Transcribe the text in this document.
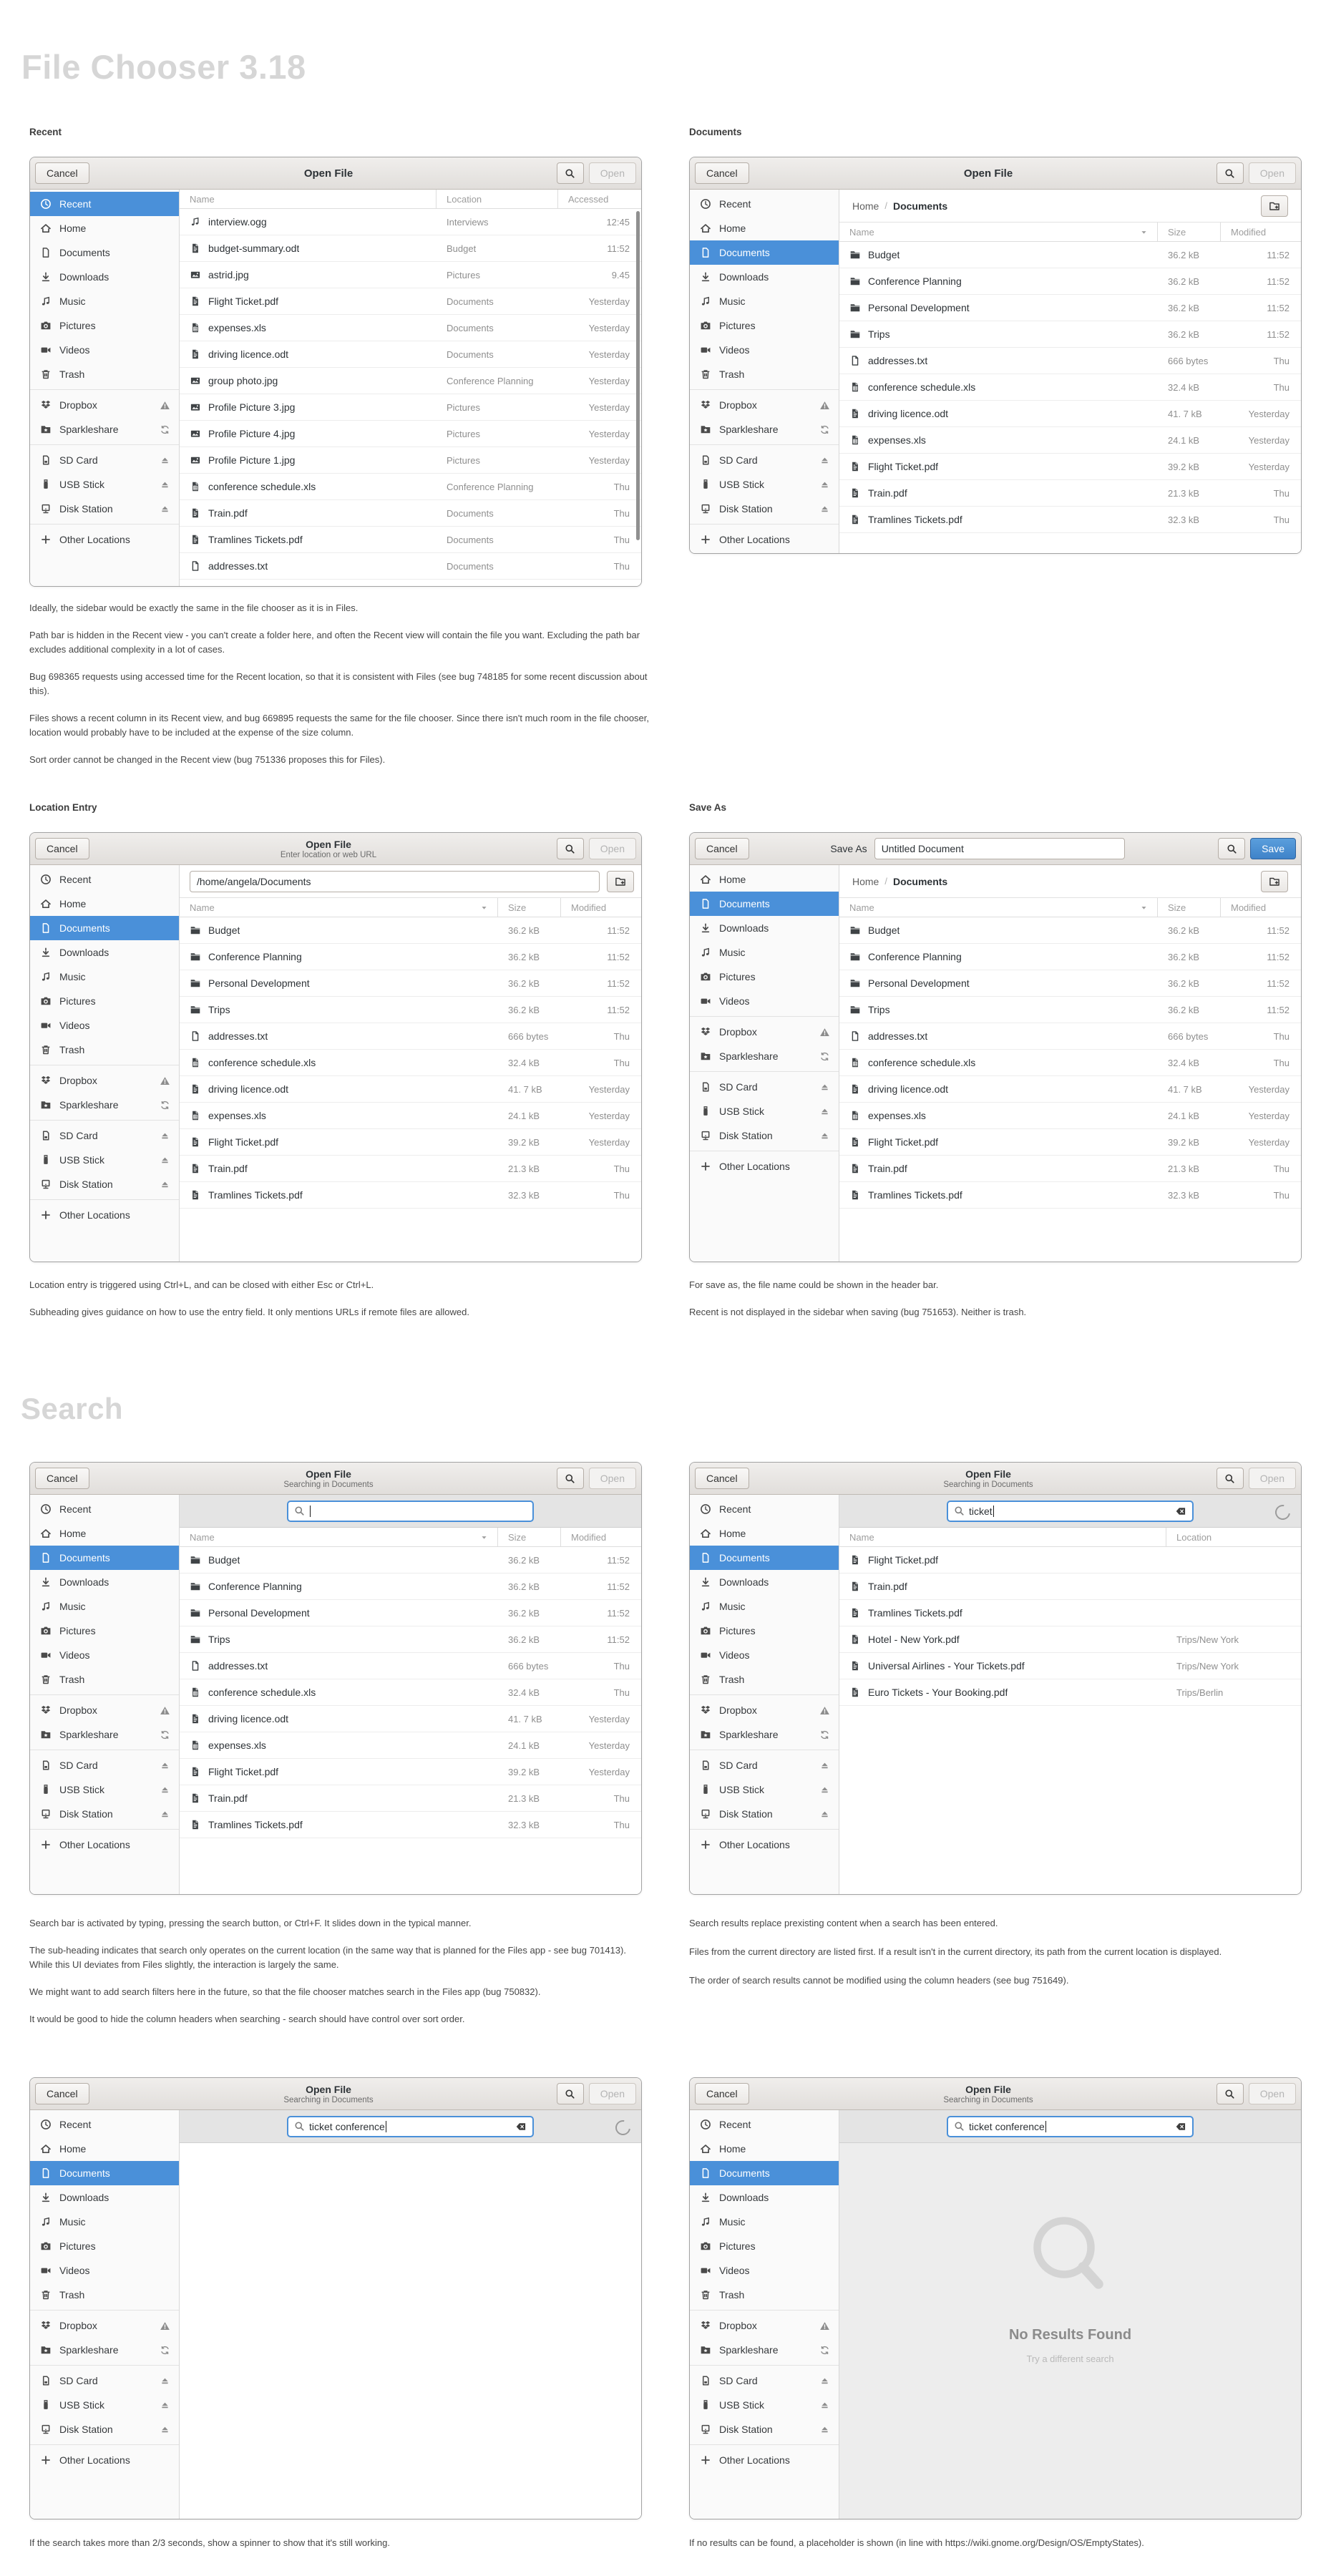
File Chooser 3.18
Recent	Documents
Location Entry	Save As
Search

Ideally, the sidebar would be exactly the same in the file chooser as it is in Files.

Path bar is hidden in the Recent view - you can't create a folder here, and often the Recent view will contain the file you want. Excluding the path bar excludes additional complexity in a lot of cases.

Bug 698365 requests using accessed time for the Recent location, so that it is consistent with Files (see bug 748185 for some recent discussion about this).

Files shows a recent column in its Recent view, and bug 669895 requests the same for the file chooser. Since there isn't much room in the file chooser, location would probably have to be included at the expense of the size column.

Sort order cannot be changed in the Recent view (bug 751336 proposes this for Files).

Location entry is triggered using Ctrl+L, and can be closed with either Esc or Ctrl+L.

Subheading gives guidance on how to use the entry field. It only mentions URLs if remote files are allowed.

For save as, the file name could be shown in the header bar.

Recent is not displayed in the sidebar when saving (bug 751653). Neither is trash.

Search bar is activated by typing, pressing the search button, or Ctrl+F. It slides down in the typical manner.

The sub-heading indicates that search only operates on the current location (in the same way that is planned for the Files app - see bug 701413). While this UI deviates from Files slightly, the interaction is largely the same.

We might want to add search filters here in the future, so that the file chooser matches search in the Files app (bug 750832).

It would be good to hide the column headers when searching - search should have control over sort order.

Search results replace prexisting content when a search has been entered.

Files from the current directory are listed first. If a result isn't in the current directory, its path from the current location is displayed.

The order of search results cannot be modified using the column headers (see bug 751649).

If the search takes more than 2/3 seconds, show a spinner to show that it's still working.	If no results can be found, a placeholder is shown (in line with https://wiki.gnome.org/Design/OS/EmptyStates).

Cancel	Open File	Open
Recent
Home
Documents
Downloads
Music
Pictures
Videos
Trash
Dropbox
Sparkleshare
SD Card
USB Stick
Disk Station
Other Locations
Name	Location	Accessed
interview.ogg	Interviews	12:45
budget-summary.odt	Budget	11:52
astrid.jpg	Pictures	9.45
Flight Ticket.pdf	Documents	Yesterday
expenses.xls	Documents	Yesterday
driving licence.odt	Documents	Yesterday
group photo.jpg	Conference Planning	Yesterday
Profile Picture 3.jpg	Pictures	Yesterday
Profile Picture 4.jpg	Pictures	Yesterday
Profile Picture 1.jpg	Pictures	Yesterday
conference schedule.xls	Conference Planning	Thu
Train.pdf	Documents	Thu
Tramlines Tickets.pdf	Documents	Thu
addresses.txt	Documents	Thu
Cancel	Open File	Open
Recent
Home
Documents
Downloads
Music
Pictures
Videos
Trash
Dropbox
Sparkleshare
SD Card
USB Stick
Disk Station
Other Locations
Home / Documents
Name	Size	Modified
Budget	36.2 kB	11:52
Conference Planning	36.2 kB	11:52
Personal Development	36.2 kB	11:52
Trips	36.2 kB	11:52
addresses.txt	666 bytes	Thu
conference schedule.xls	32.4 kB	Thu
driving licence.odt	41. 7 kB	Yesterday
expenses.xls	24.1 kB	Yesterday
Flight Ticket.pdf	39.2 kB	Yesterday
Train.pdf	21.3 kB	Thu
Tramlines Tickets.pdf	32.3 kB	Thu
Cancel	Open File
Enter location or web URL
Open
Recent
Home
Documents
Downloads
Music
Pictures
Videos
Trash
Dropbox
Sparkleshare
SD Card
USB Stick
Disk Station
Other Locations
/home/angela/Documents
Name	Size	Modified
Budget	36.2 kB	11:52
Conference Planning	36.2 kB	11:52
Personal Development	36.2 kB	11:52
Trips	36.2 kB	11:52
addresses.txt	666 bytes	Thu
conference schedule.xls	32.4 kB	Thu
driving licence.odt	41. 7 kB	Yesterday
expenses.xls	24.1 kB	Yesterday
Flight Ticket.pdf	39.2 kB	Yesterday
Train.pdf	21.3 kB	Thu
Tramlines Tickets.pdf	32.3 kB	Thu
Cancel	Save As	Untitled Document	Save
Home
Documents
Downloads
Music
Pictures
Videos
Dropbox
Sparkleshare
SD Card
USB Stick
Disk Station
Other Locations
Home / Documents
Name	Size	Modified
Budget	36.2 kB	11:52
Conference Planning	36.2 kB	11:52
Personal Development	36.2 kB	11:52
Trips	36.2 kB	11:52
addresses.txt	666 bytes	Thu
conference schedule.xls	32.4 kB	Thu
driving licence.odt	41. 7 kB	Yesterday
expenses.xls	24.1 kB	Yesterday
Flight Ticket.pdf	39.2 kB	Yesterday
Train.pdf	21.3 kB	Thu
Tramlines Tickets.pdf	32.3 kB	Thu
Cancel	Open File
Searching in Documents
Open
Recent
Home
Documents
Downloads
Music
Pictures
Videos
Trash
Dropbox
Sparkleshare
SD Card
USB Stick
Disk Station
Other Locations
Name	Size	Modified
Budget	36.2 kB	11:52
Conference Planning	36.2 kB	11:52
Personal Development	36.2 kB	11:52
Trips	36.2 kB	11:52
addresses.txt	666 bytes	Thu
conference schedule.xls	32.4 kB	Thu
driving licence.odt	41. 7 kB	Yesterday
expenses.xls	24.1 kB	Yesterday
Flight Ticket.pdf	39.2 kB	Yesterday
Train.pdf	21.3 kB	Thu
Tramlines Tickets.pdf	32.3 kB	Thu
Cancel	Open File
Searching in Documents
Open
Recent
Home
Documents
Downloads
Music
Pictures
Videos
Trash
Dropbox
Sparkleshare
SD Card
USB Stick
Disk Station
Other Locations
ticket
Name	Location
Flight Ticket.pdf
Train.pdf
Tramlines Tickets.pdf
Hotel - New York.pdf	Trips/New York
Universal Airlines - Your Tickets.pdf	Trips/New York
Euro Tickets - Your Booking.pdf	Trips/Berlin
Cancel	Open File
Searching in Documents
Open
Recent
Home
Documents
Downloads
Music
Pictures
Videos
Trash
Dropbox
Sparkleshare
SD Card
USB Stick
Disk Station
Other Locations
ticket conference
Cancel	Open File
Searching in Documents
Open
Recent
Home
Documents
Downloads
Music
Pictures
Videos
Trash
Dropbox
Sparkleshare
SD Card
USB Stick
Disk Station
Other Locations
ticket conference
No Results Found
Try a different search
